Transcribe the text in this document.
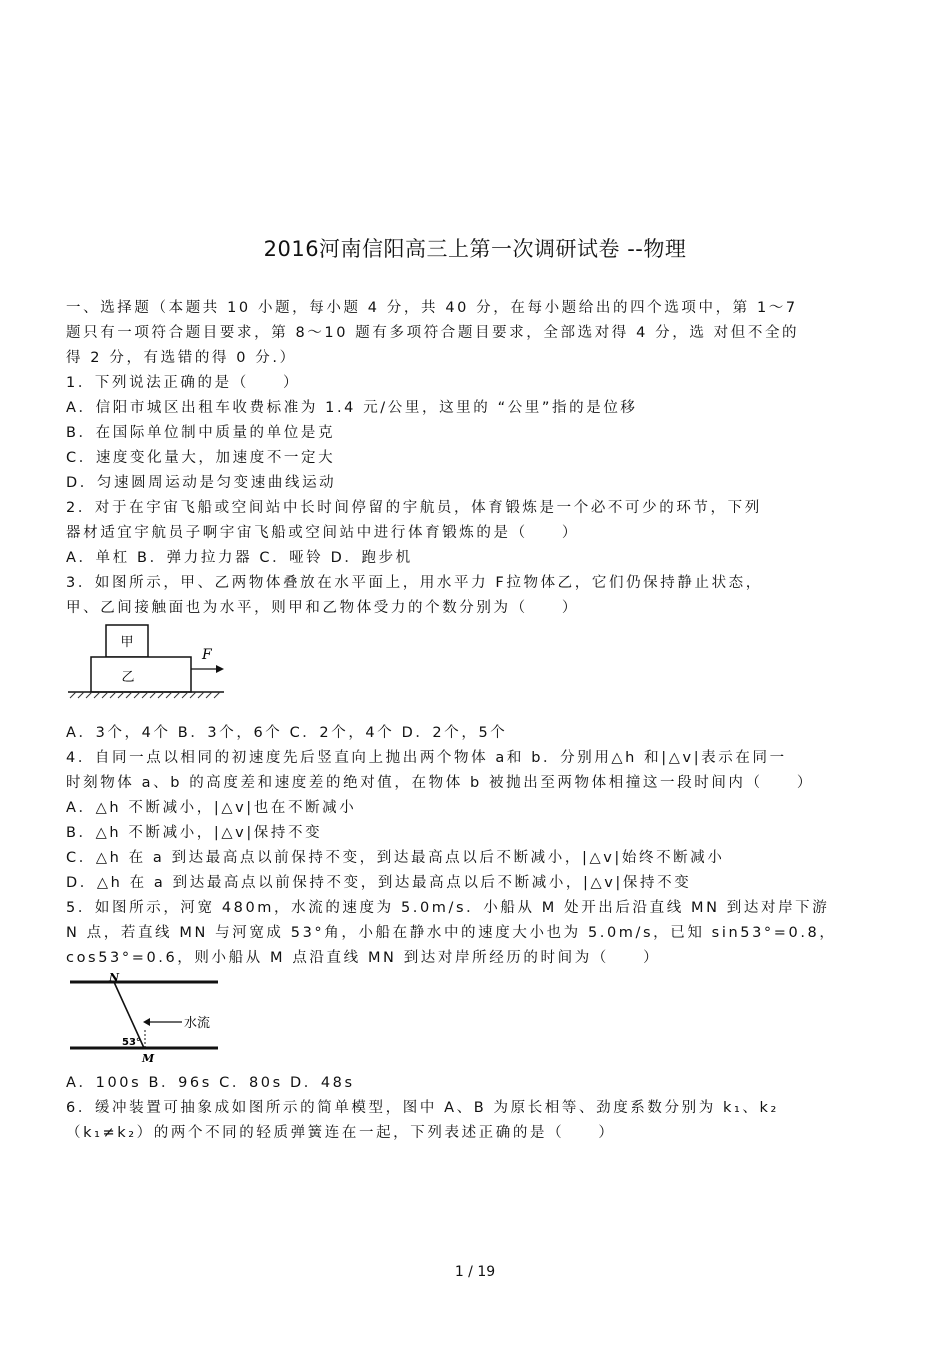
2016河南信阳高三上第一次调研试卷 --物理
一、选择题（本题共 10 小题，每小题 4 分，共 40 分，在每小题给出的四个选项中，第 1～7
题只有一项符合题目要求，第 8～10 题有多项符合题目要求，全部选对得 4 分，选 对但不全的
得 2 分，有选错的得 0 分.）
1．下列说法正确的是（　　）
A．信阳市城区出租车收费标准为 1.4 元/公里，这里的 “公里”指的是位移
B．在国际单位制中质量的单位是克
C．速度变化量大，加速度不一定大
D．匀速圆周运动是匀变速曲线运动
2．对于在宇宙飞船或空间站中长时间停留的宇航员，体育锻炼是一个必不可少的环节，下列
器材适宜宇航员子啊宇宙飞船或空间站中进行体育锻炼的是（　　）
A．单杠 B．弹力拉力器 C．哑铃 D．跑步机
3．如图所示，甲、乙两物体叠放在水平面上，用水平力 F拉物体乙，它们仍保持静止状态，
甲、乙间接触面也为水平，则甲和乙物体受力的个数分别为（　　）
甲
乙
F
A．3个，4个 B．3个，6个 C．2个，4个 D．2个，5个
4．自同一点以相同的初速度先后竖直向上抛出两个物体 a和 b．分别用△h 和|△v|表示在同一
时刻物体 a、b 的高度差和速度差的绝对值，在物体 b 被抛出至两物体相撞这一段时间内（　　）
A．△h 不断减小，|△v|也在不断减小
B．△h 不断减小，|△v|保持不变
C．△h 在 a 到达最高点以前保持不变，到达最高点以后不断减小，|△v|始终不断减小
D．△h 在 a 到达最高点以前保持不变，到达最高点以后不断减小，|△v|保持不变
5．如图所示，河宽 480m，水流的速度为 5.0m/s．小船从 M 处开出后沿直线 MN 到达对岸下游
N 点，若直线 MN 与河宽成 53°角，小船在静水中的速度大小也为 5.0m/s，已知 sin53°=0.8，
cos53°=0.6，则小船从 M 点沿直线 MN 到达对岸所经历的时间为（　　）
N
M
53°
水流
A．100s B．96s C．80s D．48s
6．缓冲装置可抽象成如图所示的简单模型，图中 A、B 为原长相等、劲度系数分别为 k₁、k₂
（k₁≠k₂）的两个不同的轻质弹簧连在一起，下列表述正确的是（　　）
1 / 19
